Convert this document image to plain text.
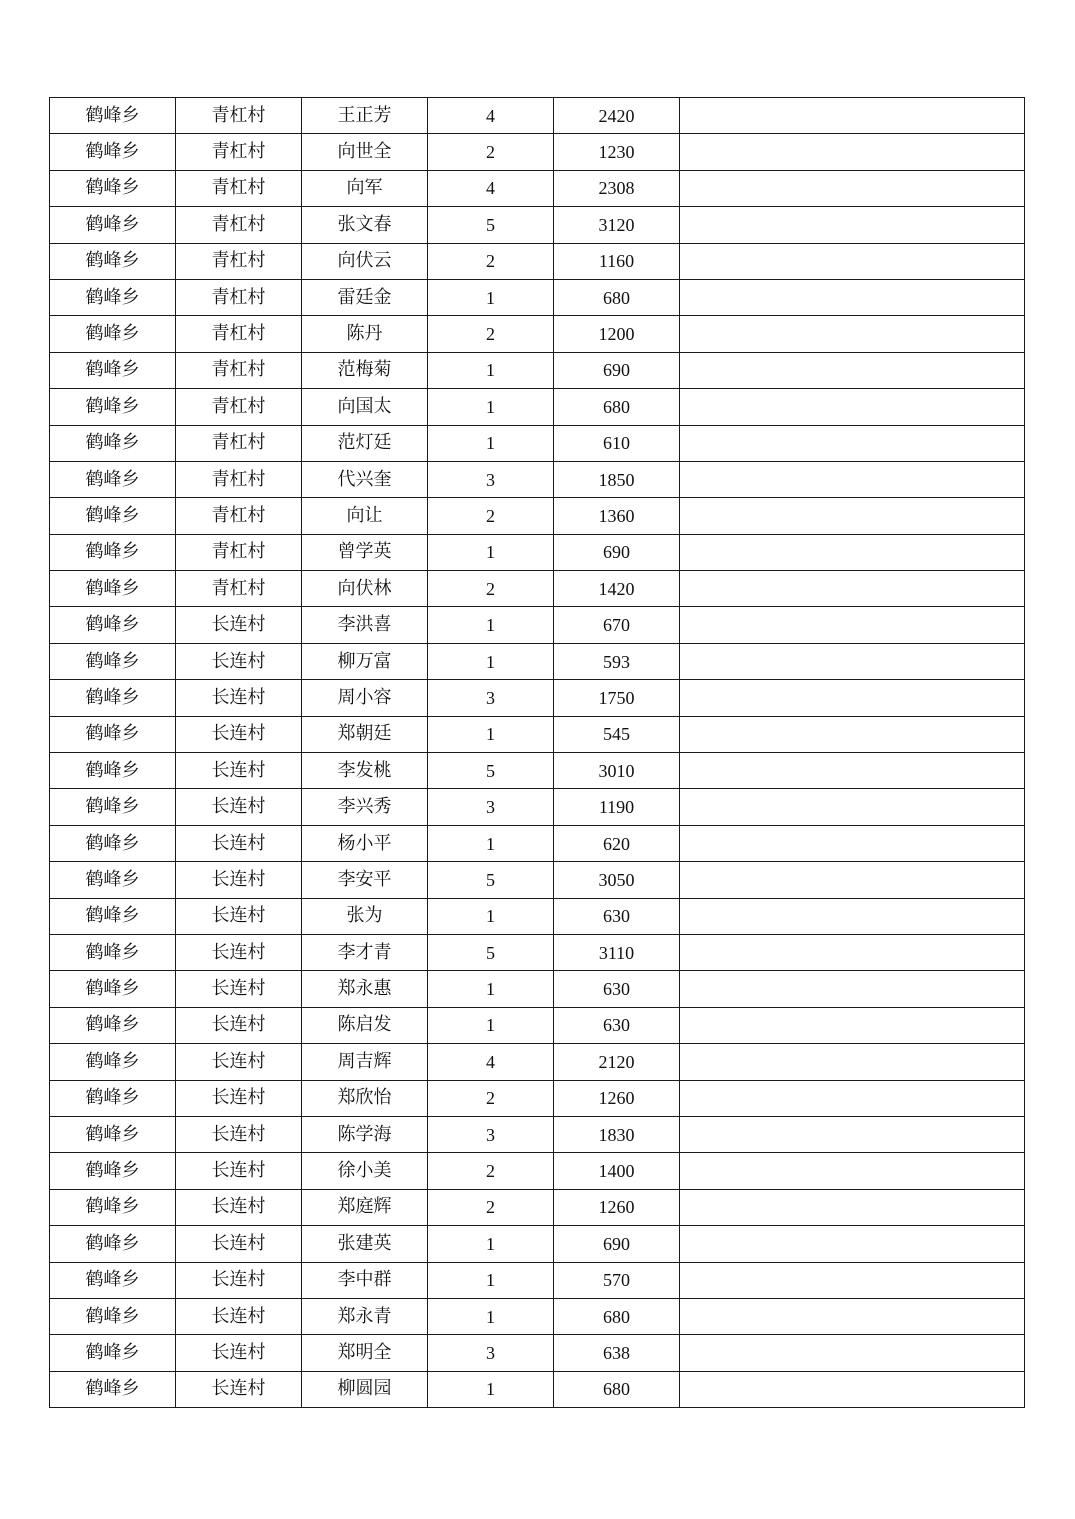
鹤峰乡	青杠村	王正芳	4	2420	
鹤峰乡	青杠村	向世全	2	1230	
鹤峰乡	青杠村	向军	4	2308	
鹤峰乡	青杠村	张文春	5	3120	
鹤峰乡	青杠村	向伏云	2	1160	
鹤峰乡	青杠村	雷廷金	1	680	
鹤峰乡	青杠村	陈丹	2	1200	
鹤峰乡	青杠村	范梅菊	1	690	
鹤峰乡	青杠村	向国太	1	680	
鹤峰乡	青杠村	范灯廷	1	610	
鹤峰乡	青杠村	代兴奎	3	1850	
鹤峰乡	青杠村	向让	2	1360	
鹤峰乡	青杠村	曾学英	1	690	
鹤峰乡	青杠村	向伏林	2	1420	
鹤峰乡	长连村	李洪喜	1	670	
鹤峰乡	长连村	柳万富	1	593	
鹤峰乡	长连村	周小容	3	1750	
鹤峰乡	长连村	郑朝廷	1	545	
鹤峰乡	长连村	李发桃	5	3010	
鹤峰乡	长连村	李兴秀	3	1190	
鹤峰乡	长连村	杨小平	1	620	
鹤峰乡	长连村	李安平	5	3050	
鹤峰乡	长连村	张为	1	630	
鹤峰乡	长连村	李才青	5	3110	
鹤峰乡	长连村	郑永惠	1	630	
鹤峰乡	长连村	陈启发	1	630	
鹤峰乡	长连村	周吉辉	4	2120	
鹤峰乡	长连村	郑欣怡	2	1260	
鹤峰乡	长连村	陈学海	3	1830	
鹤峰乡	长连村	徐小美	2	1400	
鹤峰乡	长连村	郑庭辉	2	1260	
鹤峰乡	长连村	张建英	1	690	
鹤峰乡	长连村	李中群	1	570	
鹤峰乡	长连村	郑永青	1	680	
鹤峰乡	长连村	郑明全	3	638	
鹤峰乡	长连村	柳圆园	1	680	
